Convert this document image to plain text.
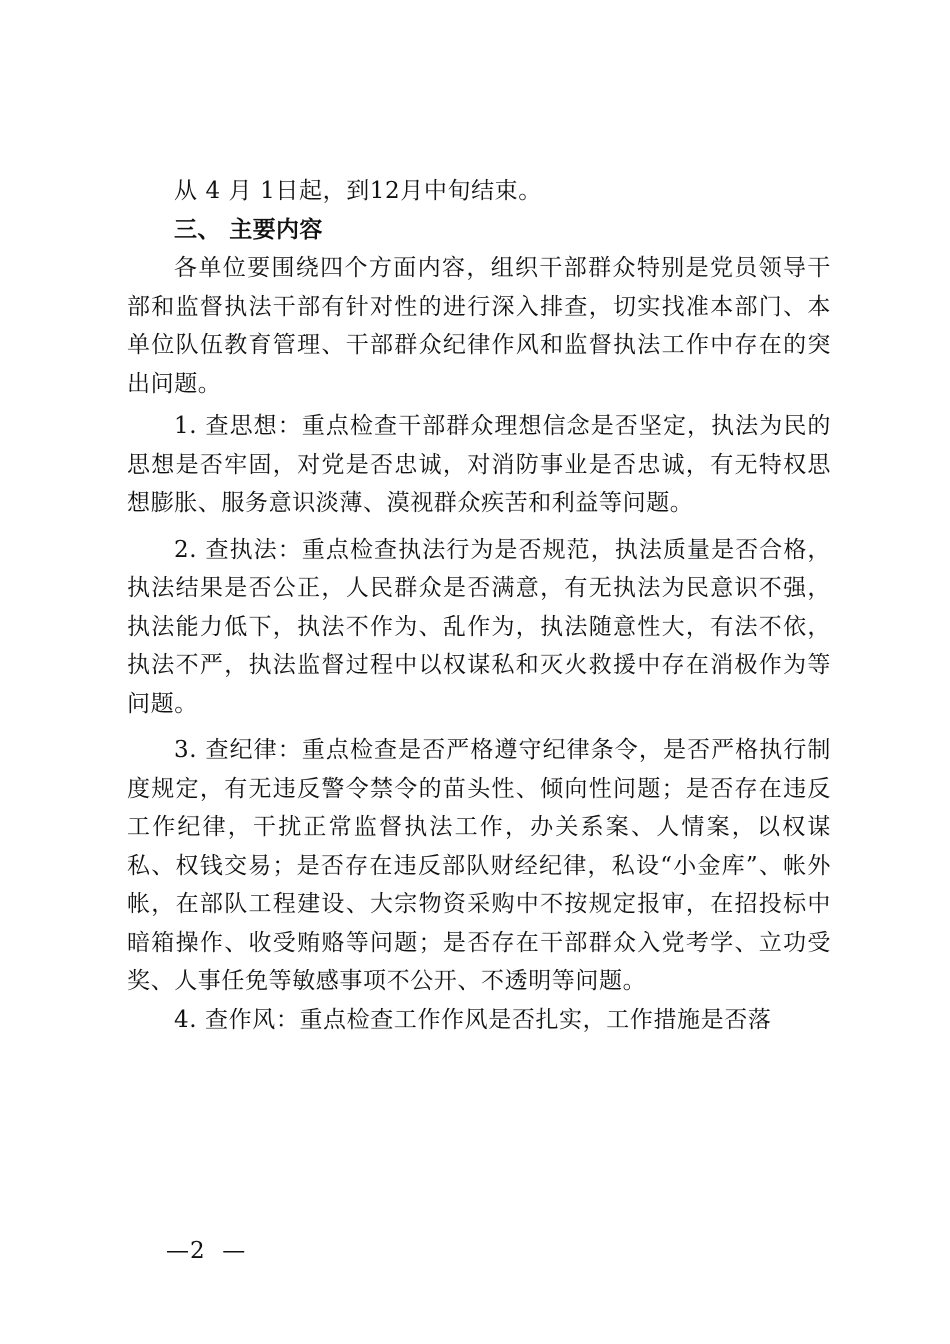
从 4 月 1日起，到12月中旬结束。

三、 主要内容

各单位要围绕四个方面内容，组织干部群众特别是党员领导干部和监督执法干部有针对性的进行深入排查，切实找准本部门、本单位队伍教育管理、干部群众纪律作风和监督执法工作中存在的突出问题。

1. 查思想：重点检查干部群众理想信念是否坚定，执法为民的思想是否牢固，对党是否忠诚，对消防事业是否忠诚，有无特权思想膨胀、服务意识淡薄、漠视群众疾苦和利益等问题。

2. 查执法：重点检查执法行为是否规范，执法质量是否合格，执法结果是否公正，人民群众是否满意，有无执法为民意识不强，执法能力低下，执法不作为、乱作为，执法随意性大，有法不依，执法不严，执法监督过程中以权谋私和灭火救援中存在消极作为等问题。

3. 查纪律：重点检查是否严格遵守纪律条令，是否严格执行制度规定，有无违反警令禁令的苗头性、倾向性问题；是否存在违反工作纪律，干扰正常监督执法工作，办关系案、人情案，以权谋私、权钱交易；是否存在违反部队财经纪律，私设“小金库”、帐外帐，在部队工程建设、大宗物资采购中不按规定报审，在招投标中暗箱操作、收受贿赂等问题；是否存在干部群众入党考学、立功受奖、人事任免等敏感事项不公开、不透明等问题。

4. 查作风：重点检查工作作风是否扎实，工作措施是否落

—2  —
